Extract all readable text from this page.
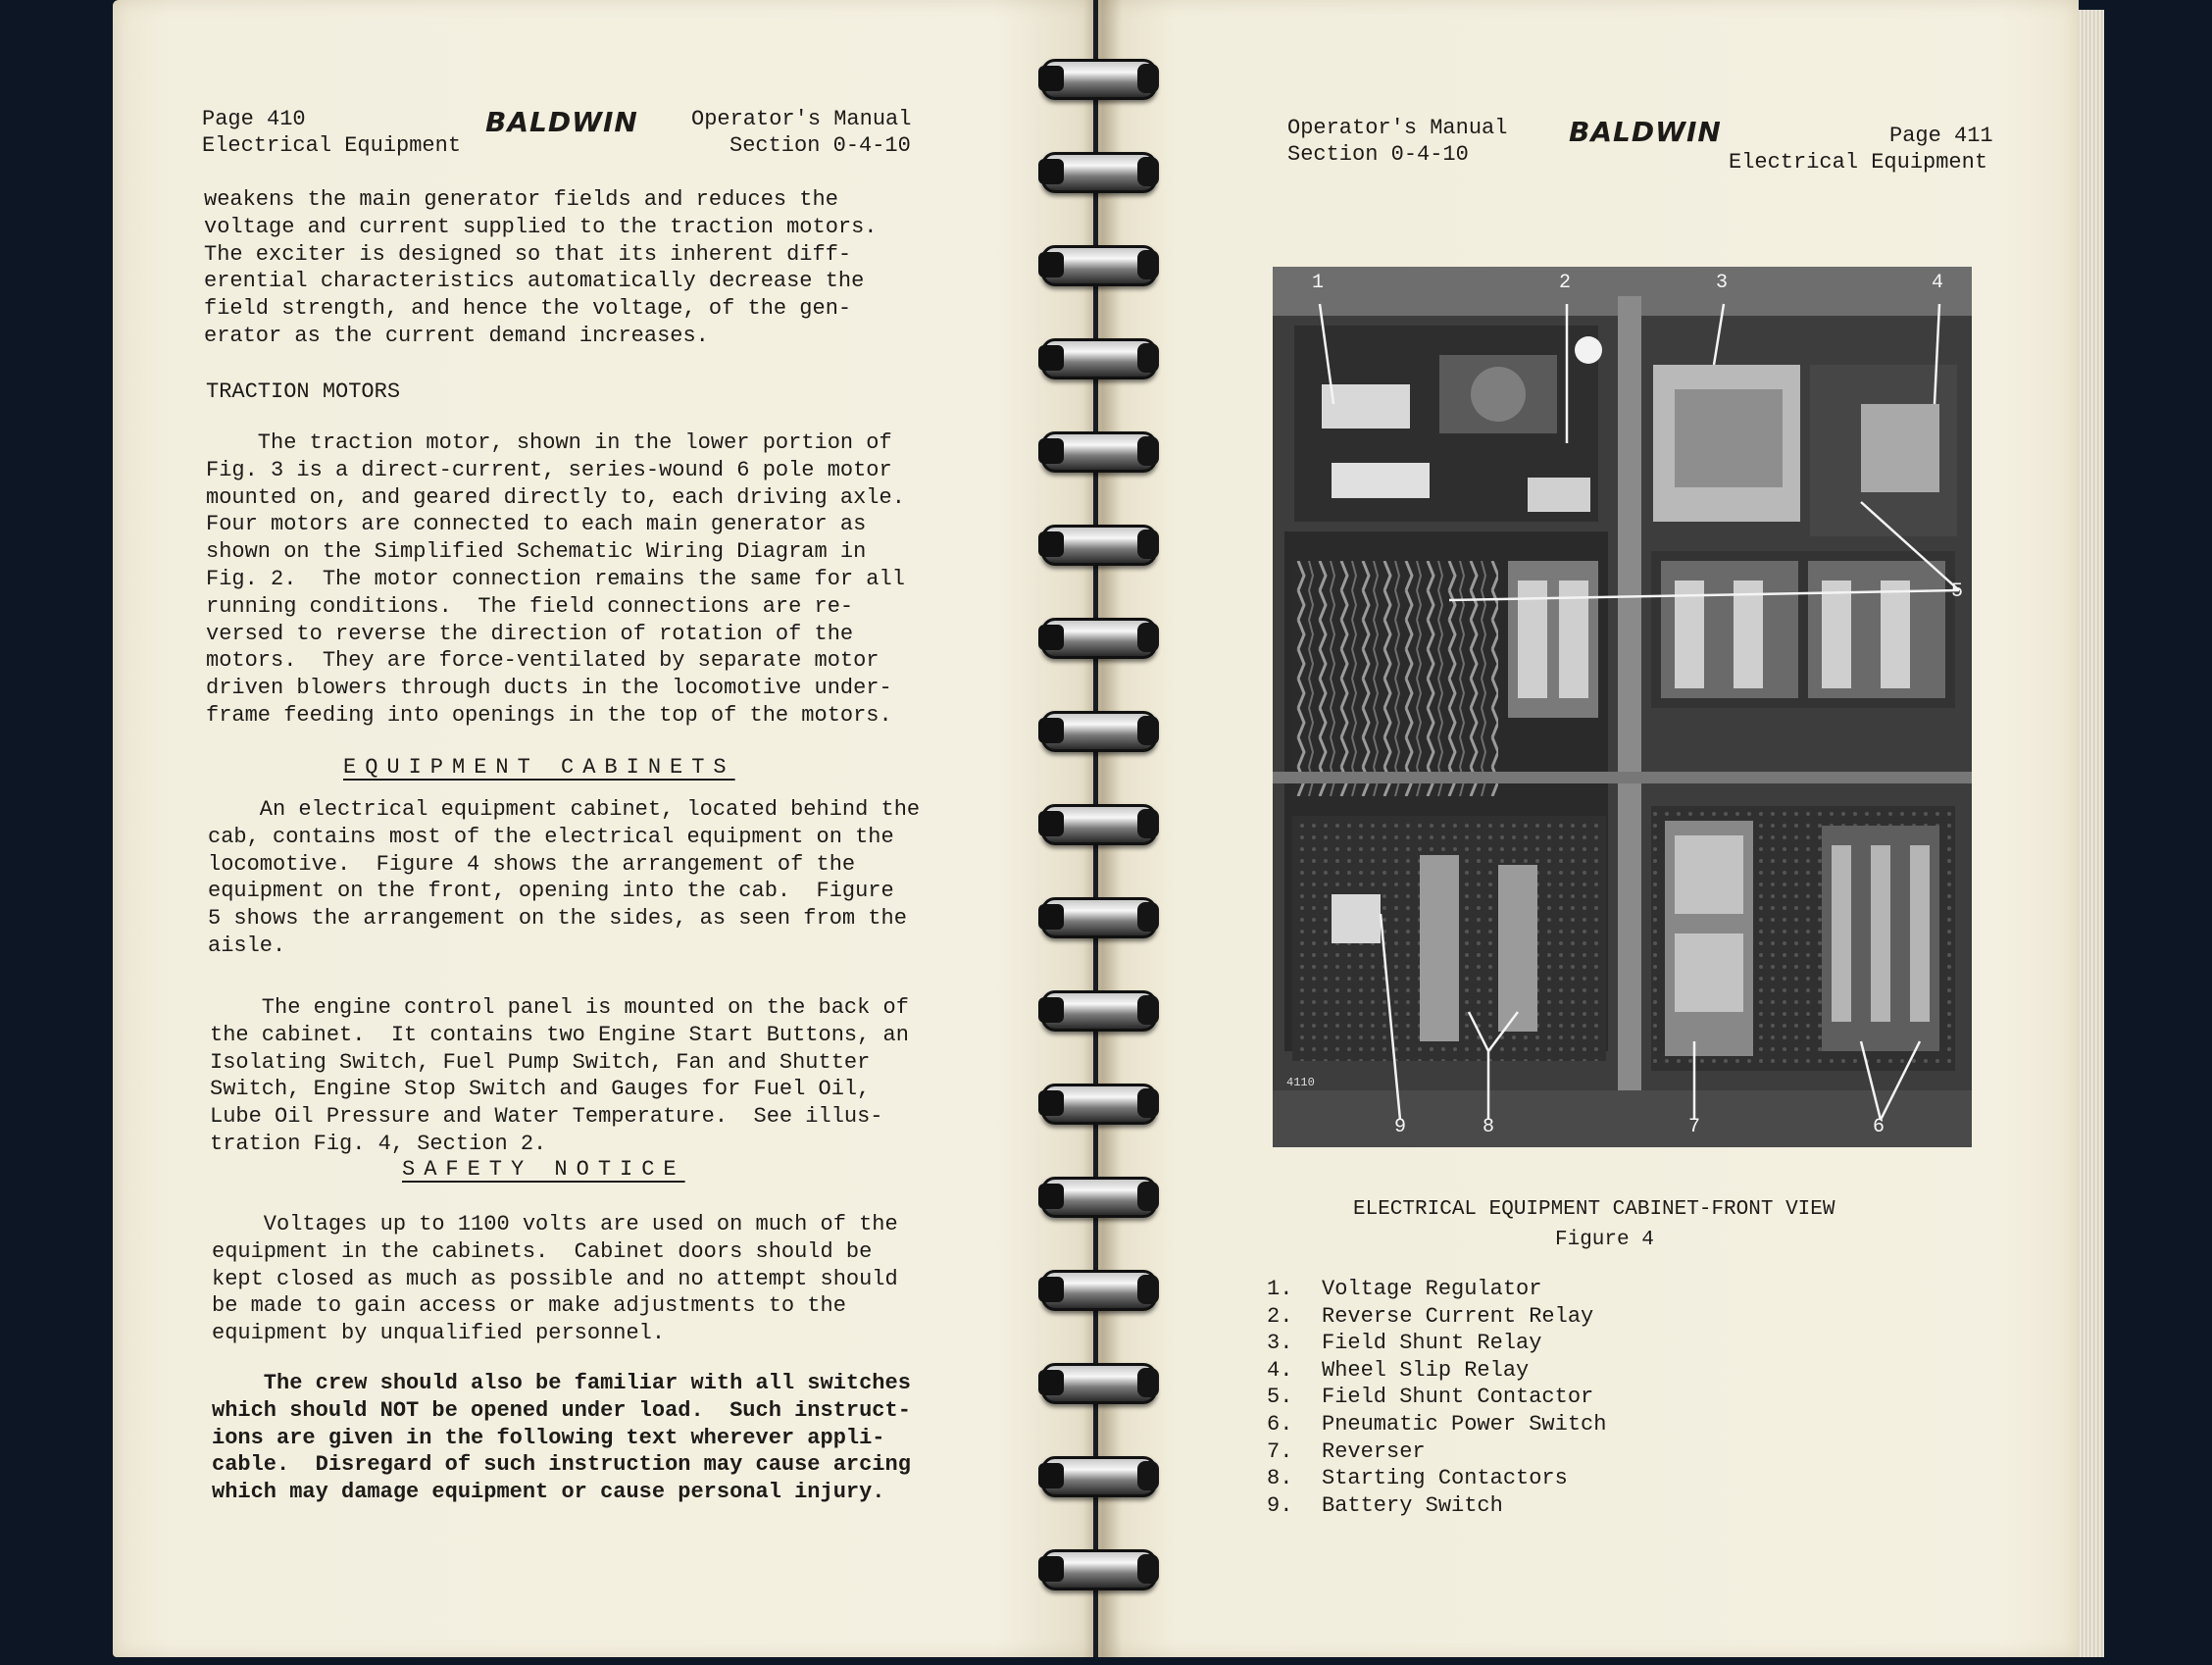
Page 410
Electrical Equipment
BALDWIN Operator's Manual
Section 0-4-10
weakens the main generator fields and reduces the
voltage and current supplied to the traction motors.
The exciter is designed so that its inherent diff-
erential characteristics automatically decrease the
field strength, and hence the voltage, of the gen-
erator as the current demand increases.
TRACTION MOTORS
The traction motor, shown in the lower portion of
Fig. 3 is a direct-current, series-wound 6 pole motor
mounted on, and geared directly to, each driving axle.
Four motors are connected to each main generator as
shown on the Simplified Schematic Wiring Diagram in
Fig. 2.  The motor connection remains the same for all
running conditions.  The field connections are re-
versed to reverse the direction of rotation of the
motors.  They are force-ventilated by separate motor
driven blowers through ducts in the locomotive under-
frame feeding into openings in the top of the motors.
EQUIPMENT CABINETS
An electrical equipment cabinet, located behind the
cab, contains most of the electrical equipment on the
locomotive.  Figure 4 shows the arrangement of the
equipment on the front, opening into the cab.  Figure
5 shows the arrangement on the sides, as seen from the
aisle.
The engine control panel is mounted on the back of
the cabinet.  It contains two Engine Start Buttons, an
Isolating Switch, Fuel Pump Switch, Fan and Shutter
Switch, Engine Stop Switch and Gauges for Fuel Oil,
Lube Oil Pressure and Water Temperature.  See illus-
tration Fig. 4, Section 2.
SAFETY NOTICE
Voltages up to 1100 volts are used on much of the
equipment in the cabinets.  Cabinet doors should be
kept closed as much as possible and no attempt should
be made to gain access or make adjustments to the
equipment by unqualified personnel.
The crew should also be familiar with all switches
which should NOT be opened under load.  Such instruct-
ions are given in the following text wherever appli-
cable.  Disregard of such instruction may cause arcing
which may damage equipment or cause personal injury.
Operator's Manual
Section 0-4-10
BALDWIN	Page 411
Electrical Equipment
1	2	3	4
5
6
7
8
9
4110
ELECTRICAL EQUIPMENT CABINET-FRONT VIEW
Figure 4
1.	Voltage Regulator
2.	Reverse Current Relay
3.	Field Shunt Relay
4.	Wheel Slip Relay
5.	Field Shunt Contactor
6.	Pneumatic Power Switch
7.	Reverser
8.	Starting Contactors
9.	Battery Switch
